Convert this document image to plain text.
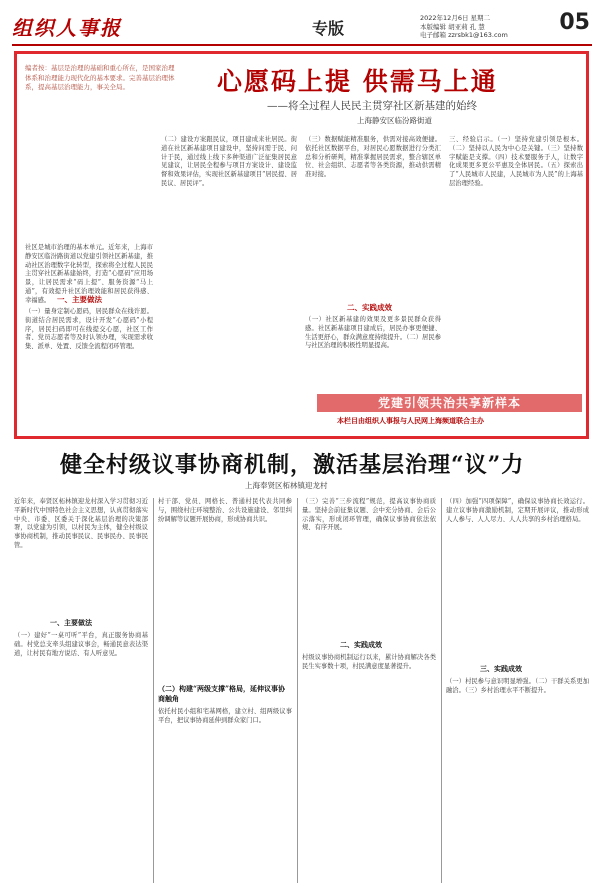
组织人事报	专版
2022年12月6日 星期二
本版编辑 胡亚莉 孔 慧
电子邮箱 zzrsbk1@163.com 05
编者按：基层是治理的基础和重心所在，是国家治理体系和治理能力现代化的基本要求。完善基层治理体系，提高基层治理能力，事关全局。	心愿码上提 供需马上通
——将全过程人民民主贯穿社区新基建的始终
上海静安区临汾路街道
社区是城市治理的基本单元。近年来，上海市静安区临汾路街道以党建引领社区新基建，推动社区治理数字化转型，探索将全过程人民民主贯穿社区新基建始终，打造“心愿码”应用场景，让居民需求“码上提”、服务资源“马上通”，有效提升社区治理效能和居民获得感、幸福感。 一、主要做法
（一）量身定制心愿码，居民群众在线许愿。街道结合居民需求，设计开发“心愿码”小程序，居民扫码即可在线提交心愿，社区工作者、党员志愿者等及时认领办理，实现需求收集、派单、处置、反馈全流程闭环管理。
（二）建设方案跟民议，项目建成来社居民。街道在社区新基建项目建设中，坚持问需于民、问计于民，通过线上线下多种渠道广泛征集居民意见建议，让居民全程参与项目方案设计、建设监督和效果评估，实现社区新基建项目“居民提、居民议、居民评”。
（三）数据赋能精准服务，供需对接高效便捷。依托社区数据平台，对居民心愿数据进行分类汇总和分析研判，精准掌握居民需求，整合辖区单位、社会组织、志愿者等各类资源，推动供需精准对接。
二、实践成效
（一）社区新基建的效果及更多景民群众获得感。社区新基建项目建成后，居民办事更便捷、生活更舒心，群众满意度持续提升。（二）居民参与社区治理的积极性明显提高。
三、经验启示。（一）坚持党建引领是根本。（二）坚持以人民为中心是关键。（三）坚持数字赋能是支撑。（四）技术要服务于人，让数字化成果更多更公平惠及全体居民。（五）探索出了“人民城市人民建，人民城市为人民”的上海基层治理经验。
党建引领共治共享新样本
本栏目由组织人事报与人民网上海频道联合主办
健全村级议事协商机制，激活基层治理“议”力
上海奉贤区柘林镇迎龙村
近年来，奉贤区柘林镇迎龙村深入学习贯彻习近平新时代中国特色社会主义思想，认真贯彻落实中央、市委、区委关于深化基层治理的决策部署，以党建为引领，以村民为主体，健全村级议事协商机制，推动民事民议、民事民办、民事民管。
一、主要做法
（一）建好“一桌可听”平台，真正服务协商基础。村党总支牵头组建议事会，畅通民意表达渠道，让村民有地方说话、有人听意见。
村干部、党员、网格长、普通村民代表共同参与，围绕村庄环境整治、公共设施建设、邻里纠纷调解等议题开展协商，形成协商共识。
（二）构建“两级支撑”格局，延伸议事协商触角
依托村民小组和宅基网格，建立村、组两级议事平台，把议事协商延伸到群众家门口。
（三）完善“三步流程”规范，提高议事协商质量。坚持会前征集议题、会中充分协商、会后公示落实，形成闭环管理，确保议事协商依法依规、有序开展。
二、实践成效
村级议事协商机制运行以来，累计协商解决各类民生实事数十项，村民满意度显著提升。
（四）加强“四项保障”，确保议事协商长效运行。建立议事协商激励机制，定期开展评议，推动形成人人参与、人人尽力、人人共享的乡村治理格局。
三、实践成效
（一）村民参与意识明显增强。（二）干群关系更加融洽。（三）乡村治理水平不断提升。
